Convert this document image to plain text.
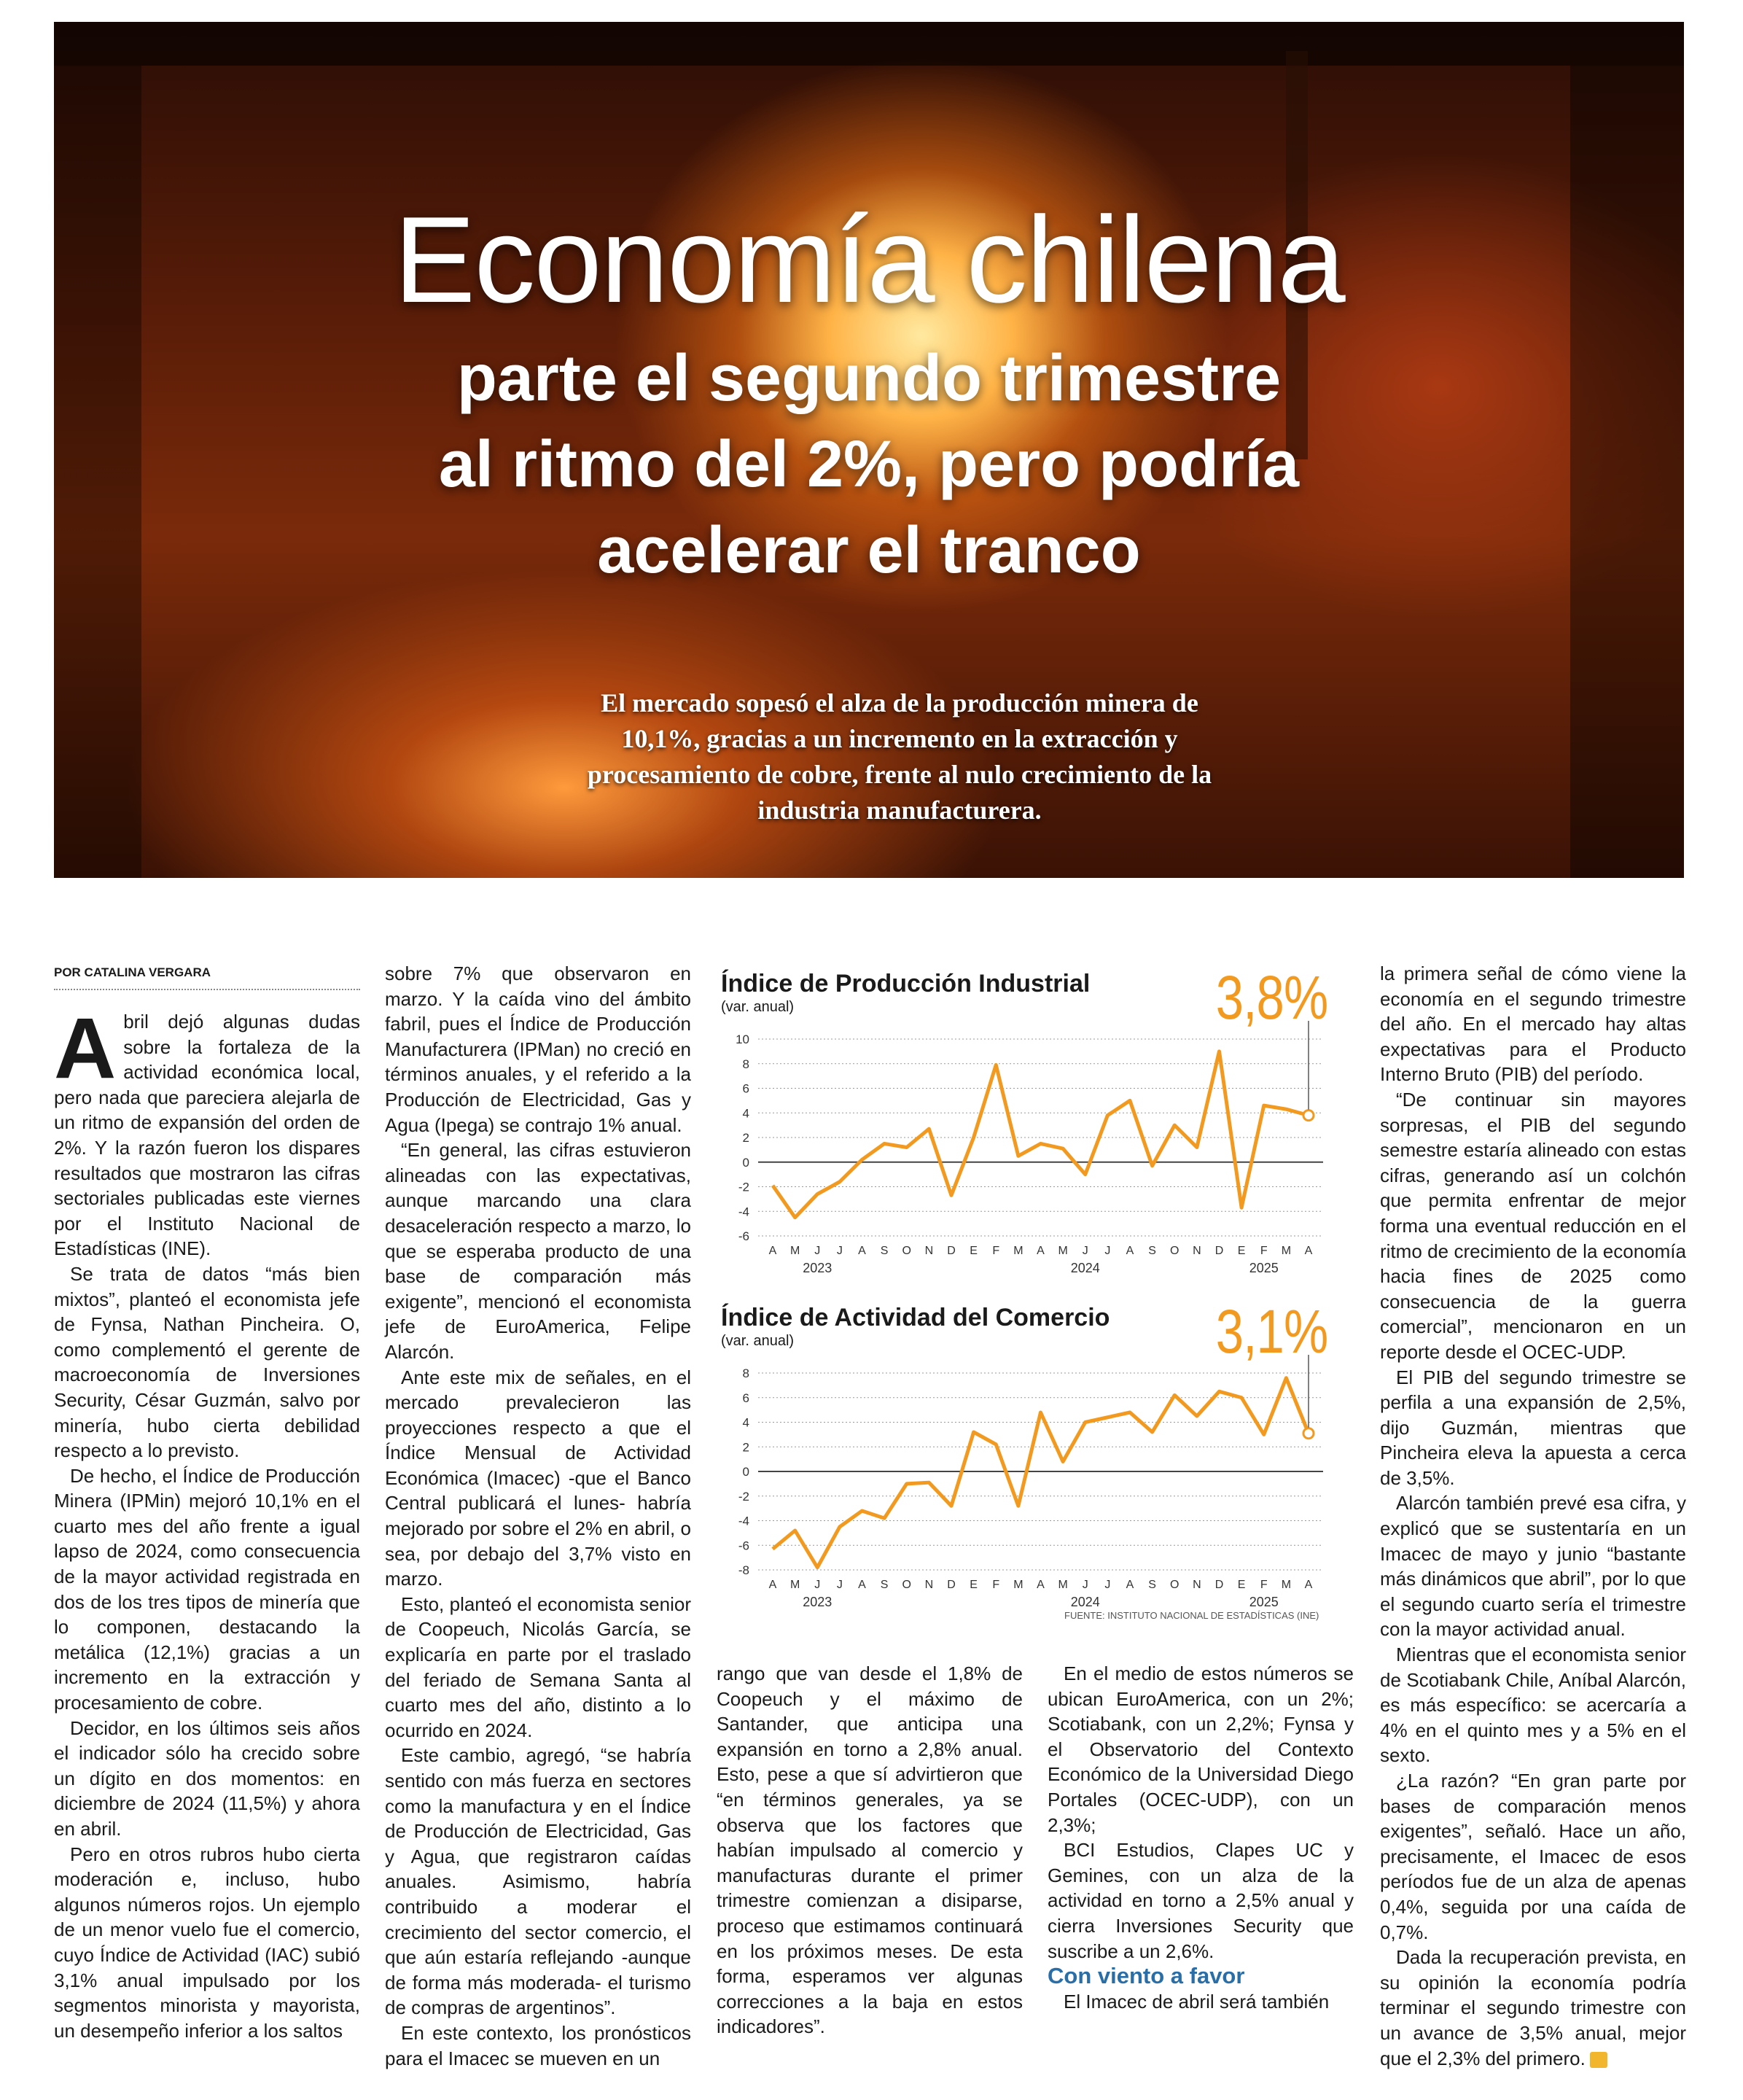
Economía chilena
parte el segundo trimestre
al ritmo del 2%, pero podría
acelerar el tranco
El mercado sopesó el alza de la producción minera de 10,1%, gracias a un incremento en la extracción y procesamiento de cobre, frente al nulo crecimiento de la industria manufacturera.
POR CATALINA VERGARA

Abril dejó algunas dudas sobre la fortaleza de la actividad económica local, pero nada que pareciera alejarla de un ritmo de expansión del orden de 2%. Y la razón fueron los dispares resultados que mostraron las cifras sectoriales publicadas este viernes por el Instituto Nacional de Estadísticas (INE).

Se trata de datos “más bien mixtos”, planteó el economista jefe de Fynsa, Nathan Pincheira. O, como complementó el gerente de macroeconomía de Inversiones Security, César Guzmán, salvo por minería, hubo cierta debilidad respecto a lo previsto.

De hecho, el Índice de Producción Minera (IPMin) mejoró 10,1% en el cuarto mes del año frente a igual lapso de 2024, como consecuencia de la mayor actividad registrada en dos de los tres tipos de minería que lo componen, destacando la metálica (12,1%) gracias a un incremento en la extracción y procesamiento de cobre.

Decidor, en los últimos seis años el indicador sólo ha crecido sobre un dígito en dos momentos: en diciembre de 2024 (11,5%) y ahora en abril.

Pero en otros rubros hubo cierta moderación e, incluso, hubo algunos números rojos. Un ejemplo de un menor vuelo fue el comercio, cuyo Índice de Actividad (IAC) subió 3,1% anual impulsado por los segmentos minorista y mayorista, un desempeño inferior a los saltos

sobre 7% que observaron en marzo. Y la caída vino del ámbito fabril, pues el Índice de Producción Manufacturera (IPMan) no creció en términos anuales, y el referido a la Producción de Electricidad, Gas y Agua (Ipega) se contrajo 1% anual.

“En general, las cifras estuvieron alineadas con las expectativas, aunque marcando una clara desaceleración respecto a marzo, lo que se esperaba producto de una base de comparación más exigente”, mencionó el economista jefe de EuroAmerica, Felipe Alarcón.

Ante este mix de señales, en el mercado prevalecieron las proyecciones respecto a que el Índice Mensual de Actividad Económica (Imacec) -que el Banco Central publicará el lunes- habría mejorado por sobre el 2% en abril, o sea, por debajo del 3,7% visto en marzo.

Esto, planteó el economista senior de Coopeuch, Nicolás García, se explicaría en parte por el traslado del feriado de Semana Santa al cuarto mes del año, distinto a lo ocurrido en 2024.

Este cambio, agregó, “se habría sentido con más fuerza en sectores como la manufactura y en el Índice de Producción de Electricidad, Gas y Agua, que registraron caídas anuales. Asimismo, habría contribuido a moderar el crecimiento del sector comercio, el que aún estaría reflejando -aunque de forma más moderada- el turismo de compras de argentinos”.

En este contexto, los pronósticos para el Imacec se mueven en un

10
8
6
4
2
0
-2
-4
-6
A M J J A S O N D E F M A M J J A S O N D E F M A
2023	2024	2025
Índice de Producción Industrial
(var. anual)	3,8%
8
6
4
2
0
-2
-4
-6
-8
A M J J A S O N D E F M A M J J A S O N D E F M A
2023	2024	2025
Índice de Actividad del Comercio
(var. anual)	3,1%
FUENTE: INSTITUTO NACIONAL DE ESTADÍSTICAS (INE)

rango que van desde el 1,8% de Coopeuch y el máximo de Santander, que anticipa una expansión en torno a 2,8% anual. Esto, pese a que sí advirtieron que “en términos generales, ya se observa que los factores que habían impulsado al comercio y manufacturas durante el primer trimestre comienzan a disiparse, proceso que estimamos continuará en los próximos meses. De esta forma, esperamos ver algunas correcciones a la baja en estos indicadores”.

En el medio de estos números se ubican EuroAmerica, con un 2%; Scotiabank, con un 2,2%; Fynsa y el Observatorio del Contexto Económico de la Universidad Diego Portales (OCEC-UDP), con un 2,3%;

BCI Estudios, Clapes UC y Gemines, con un alza de la actividad en torno a 2,5% anual y cierra Inversiones Security que suscribe a un 2,6%.

Con viento a favor

El Imacec de abril será también

la primera señal de cómo viene la economía en el segundo trimestre del año. En el mercado hay altas expectativas para el Producto Interno Bruto (PIB) del período.

“De continuar sin mayores sorpresas, el PIB del segundo semestre estaría alineado con estas cifras, generando así un colchón que permita enfrentar de mejor forma una eventual reducción en el ritmo de crecimiento de la economía hacia fines de 2025 como consecuencia de la guerra comercial”, mencionaron en un reporte desde el OCEC-UDP.

El PIB del segundo trimestre se perfila a una expansión de 2,5%, dijo Guzmán, mientras que Pincheira eleva la apuesta a cerca de 3,5%.

Alarcón también prevé esa cifra, y explicó que se sustentaría en un Imacec de mayo y junio “bastante más dinámicos que abril”, por lo que el segundo cuarto sería el trimestre con la mayor actividad anual.

Mientras que el economista senior de Scotiabank Chile, Aníbal Alarcón, es más específico: se acercaría a 4% en el quinto mes y a 5% en el sexto.

¿La razón? “En gran parte por bases de comparación menos exigentes”, señaló. Hace un año, precisamente, el Imacec de esos períodos fue de un alza de apenas 0,4%, seguida por una caída de 0,7%.

Dada la recuperación prevista, en su opinión la economía podría terminar el segundo trimestre con un avance de 3,5% anual, mejor que el 2,3% del primero.
